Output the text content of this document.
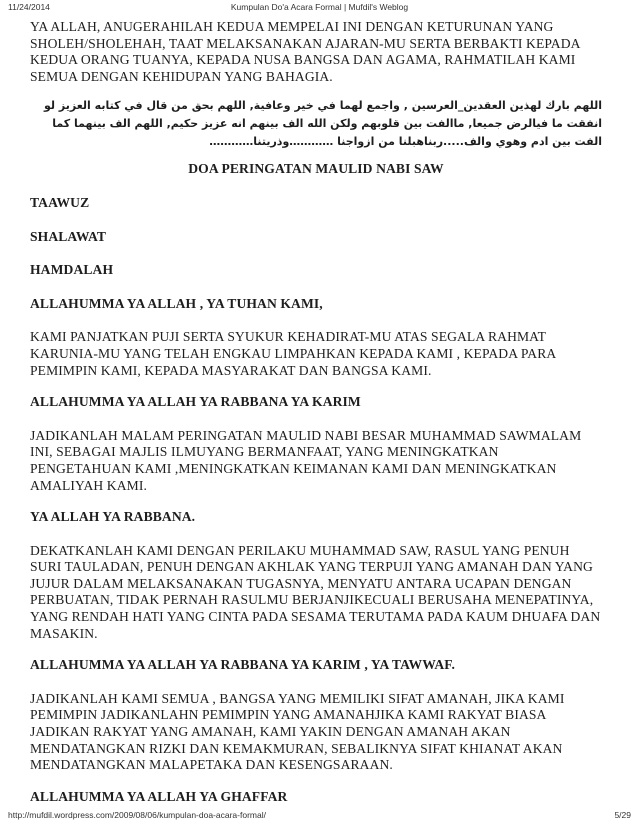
11/24/2014	Kumpulan Do'a Acara Formal | Mufdil's Weblog

YA ALLAH, ANUGERAHILAH KEDUA MEMPELAI INI DENGAN KETURUNAN YANG SHOLEH/SHOLEHAH, TAAT MELAKSANAKAN AJARAN-MU SERTA BERBAKTI KEPADA KEDUA ORANG TUANYA, KEPADA NUSA BANGSA DAN AGAMA, RAHMATILAH KAMI SEMUA DENGAN KEHIDUPAN YANG BAHAGIA.

اللهم بارك لهذين العقدين_العرسين , واجمع لهما في خير وعافية, اللهم بحق من قال في كتابه العزيز لو انفقت ما فيالرض جميعا, ماالفت بين قلوبهم ولكن الله الف بينهم انه عزيز حكيم, اللهم الف بينهما كما الفت بين ادم وهوي والف.....ربناهبلنا من ازواجنا …………وذريتنا…………

DOA PERINGATAN MAULID NABI SAW

TAAWUZ

SHALAWAT

HAMDALAH

ALLAHUMMA YA ALLAH , YA TUHAN KAMI,

KAMI PANJATKAN PUJI SERTA SYUKUR KEHADIRAT-MU ATAS SEGALA RAHMAT KARUNIA-MU YANG TELAH ENGKAU LIMPAHKAN KEPADA KAMI , KEPADA PARA PEMIMPIN KAMI, KEPADA MASYARAKAT DAN BANGSA KAMI.

ALLAHUMMA YA ALLAH YA RABBANA YA KARIM

JADIKANLAH MALAM PERINGATAN MAULID NABI BESAR MUHAMMAD SAWMALAM INI, SEBAGAI MAJLIS ILMUYANG BERMANFAAT, YANG MENINGKATKAN PENGETAHUAN KAMI ,MENINGKATKAN KEIMANAN KAMI DAN MENINGKATKAN AMALIYAH KAMI.

YA ALLAH YA RABBANA.

DEKATKANLAH KAMI DENGAN PERILAKU MUHAMMAD SAW, RASUL YANG PENUH SURI TAULADAN, PENUH DENGAN AKHLAK YANG TERPUJI YANG AMANAH DAN YANG JUJUR DALAM MELAKSANAKAN TUGASNYA, MENYATU ANTARA UCAPAN DENGAN PERBUATAN, TIDAK PERNAH RASULMU BERJANJIKECUALI BERUSAHA MENEPATINYA, YANG RENDAH HATI YANG CINTA PADA SESAMA TERUTAMA PADA KAUM DHUAFA DAN MASAKIN.

ALLAHUMMA YA ALLAH YA RABBANA YA KARIM , YA TAWWAF.

JADIKANLAH KAMI SEMUA , BANGSA YANG MEMILIKI SIFAT AMANAH, JIKA KAMI PEMIMPIN JADIKANLAHN PEMIMPIN YANG AMANAHJIKA KAMI RAKYAT BIASA JADIKAN RAKYAT YANG AMANAH, KAMI YAKIN DENGAN AMANAH AKAN MENDATANGKAN RIZKI DAN KEMAKMURAN, SEBALIKNYA SIFAT KHIANAT AKAN MENDATANGKAN MALAPETAKA DAN KESENGSARAAN.

ALLAHUMMA YA ALLAH YA GHAFFAR

http://mufdil.wordpress.com/2009/08/06/kumpulan-doa-acara-formal/	5/29
